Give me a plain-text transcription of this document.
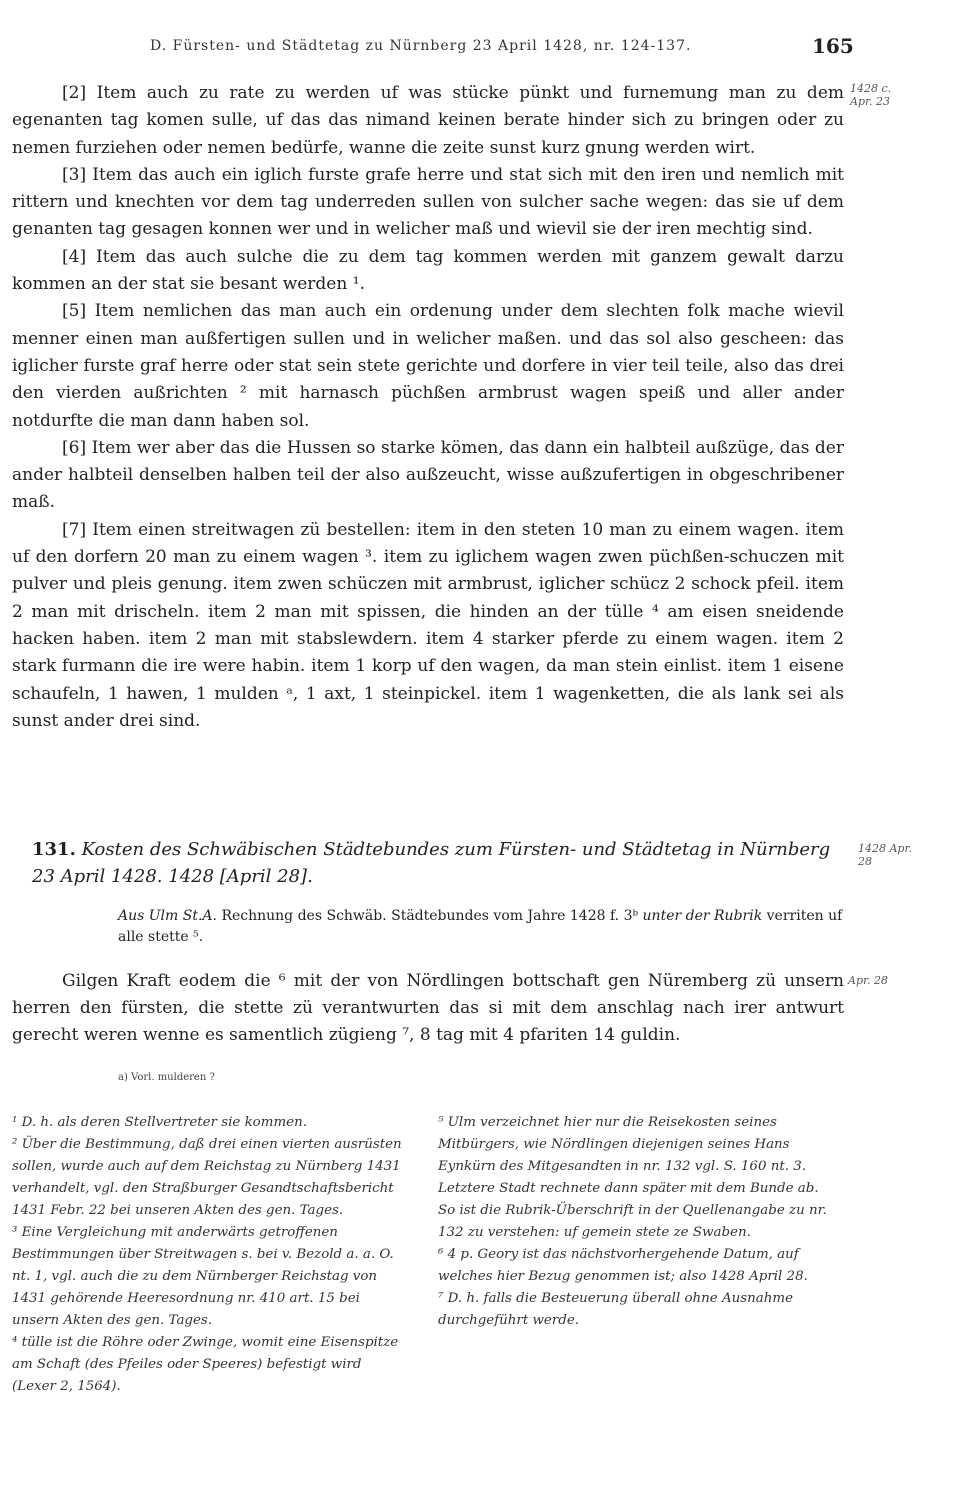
D. Fürsten- und Städtetag zu Nürnberg 23 April 1428, nr. 124-137.	165
1428 c. Apr. 23

[2] Item auch zu rate zu werden uf was stücke pünkt und furnemung man zu dem egenanten tag komen sulle, uf das das nimand keinen berate hinder sich zu bringen oder zu nemen furziehen oder nemen bedürfe, wanne die zeite sunst kurz gnung werden wirt.

[3] Item das auch ein iglich furste grafe herre und stat sich mit den iren und nemlich mit rittern und knechten vor dem tag underreden sullen von sulcher sache wegen: das sie uf dem genanten tag gesagen konnen wer und in welicher maß und wievil sie der iren mechtig sind.

[4] Item das auch sulche die zu dem tag kommen werden mit ganzem gewalt darzu kommen an der stat sie besant werden ¹.

[5] Item nemlichen das man auch ein ordenung under dem slechten folk mache wievil menner einen man außfertigen sullen und in welicher maßen. und das sol also gescheen: das iglicher furste graf herre oder stat sein stete gerichte und dorfere in vier teil teile, also das drei den vierden außrichten ² mit harnasch püchßen armbrust wagen speiß und aller ander notdurfte die man dann haben sol.

[6] Item wer aber das die Hussen so starke kömen, das dann ein halbteil außzüge, das der ander halbteil denselben halben teil der also außzeucht, wisse außzufertigen in obgeschribener maß.

[7] Item einen streitwagen zü bestellen: item in den steten 10 man zu einem wagen. item uf den dorfern 20 man zu einem wagen ³. item zu iglichem wagen zwen püchßen-schuczen mit pulver und pleis genung. item zwen schüczen mit armbrust, iglicher schücz 2 schock pfeil. item 2 man mit drischeln. item 2 man mit spissen, die hinden an der tülle ⁴ am eisen sneidende hacken haben. item 2 man mit stabslewdern. item 4 starker pferde zu einem wagen. item 2 stark furmann die ire were habin. item 1 korp uf den wagen, da man stein einlist. item 1 eisene schaufeln, 1 hawen, 1 mulden ᵃ, 1 axt, 1 steinpickel. item 1 wagenketten, die als lank sei als sunst ander drei sind.

131. Kosten des Schwäbischen Städtebundes zum Fürsten- und Städtetag in Nürnberg 23 April 1428. 1428 [April 28].
1428 Apr. 28
Aus Ulm St.A. Rechnung des Schwäb. Städtebundes vom Jahre 1428 f. 3ᵇ unter der Rubrik verriten uf alle stette ⁵.

Gilgen Kraft eodem die ⁶ mit der von Nördlingen bottschaft gen Nüremberg zü unsern herren den fürsten, die stette zü verantwurten das si mit dem anschlag nach irer antwurt gerecht weren wenne es samentlich zügieng ⁷, 8 tag mit 4 pfariten 14 guldin.

Apr. 28
a) Vorl. mulderen ?

¹ D. h. als deren Stellvertreter sie kommen.

² Über die Bestimmung, daß drei einen vierten ausrüsten sollen, wurde auch auf dem Reichstag zu Nürnberg 1431 verhandelt, vgl. den Straßburger Gesandtschaftsbericht 1431 Febr. 22 bei unseren Akten des gen. Tages.

³ Eine Vergleichung mit anderwärts getroffenen Bestimmungen über Streitwagen s. bei v. Bezold a. a. O. nt. 1, vgl. auch die zu dem Nürnberger Reichstag von 1431 gehörende Heeresordnung nr. 410 art. 15 bei unsern Akten des gen. Tages.

⁴ tülle ist die Röhre oder Zwinge, womit eine Eisenspitze am Schaft (des Pfeiles oder Speeres) befestigt wird (Lexer 2, 1564).

⁵ Ulm verzeichnet hier nur die Reisekosten seines Mitbürgers, wie Nördlingen diejenigen seines Hans Eynkürn des Mitgesandten in nr. 132 vgl. S. 160 nt. 3. Letztere Stadt rechnete dann später mit dem Bunde ab. So ist die Rubrik-Überschrift in der Quellenangabe zu nr. 132 zu verstehen: uf gemein stete ze Swaben.

⁶ 4 p. Geory ist das nächstvorhergehende Datum, auf welches hier Bezug genommen ist; also 1428 April 28.

⁷ D. h. falls die Besteuerung überall ohne Ausnahme durchgeführt werde.
